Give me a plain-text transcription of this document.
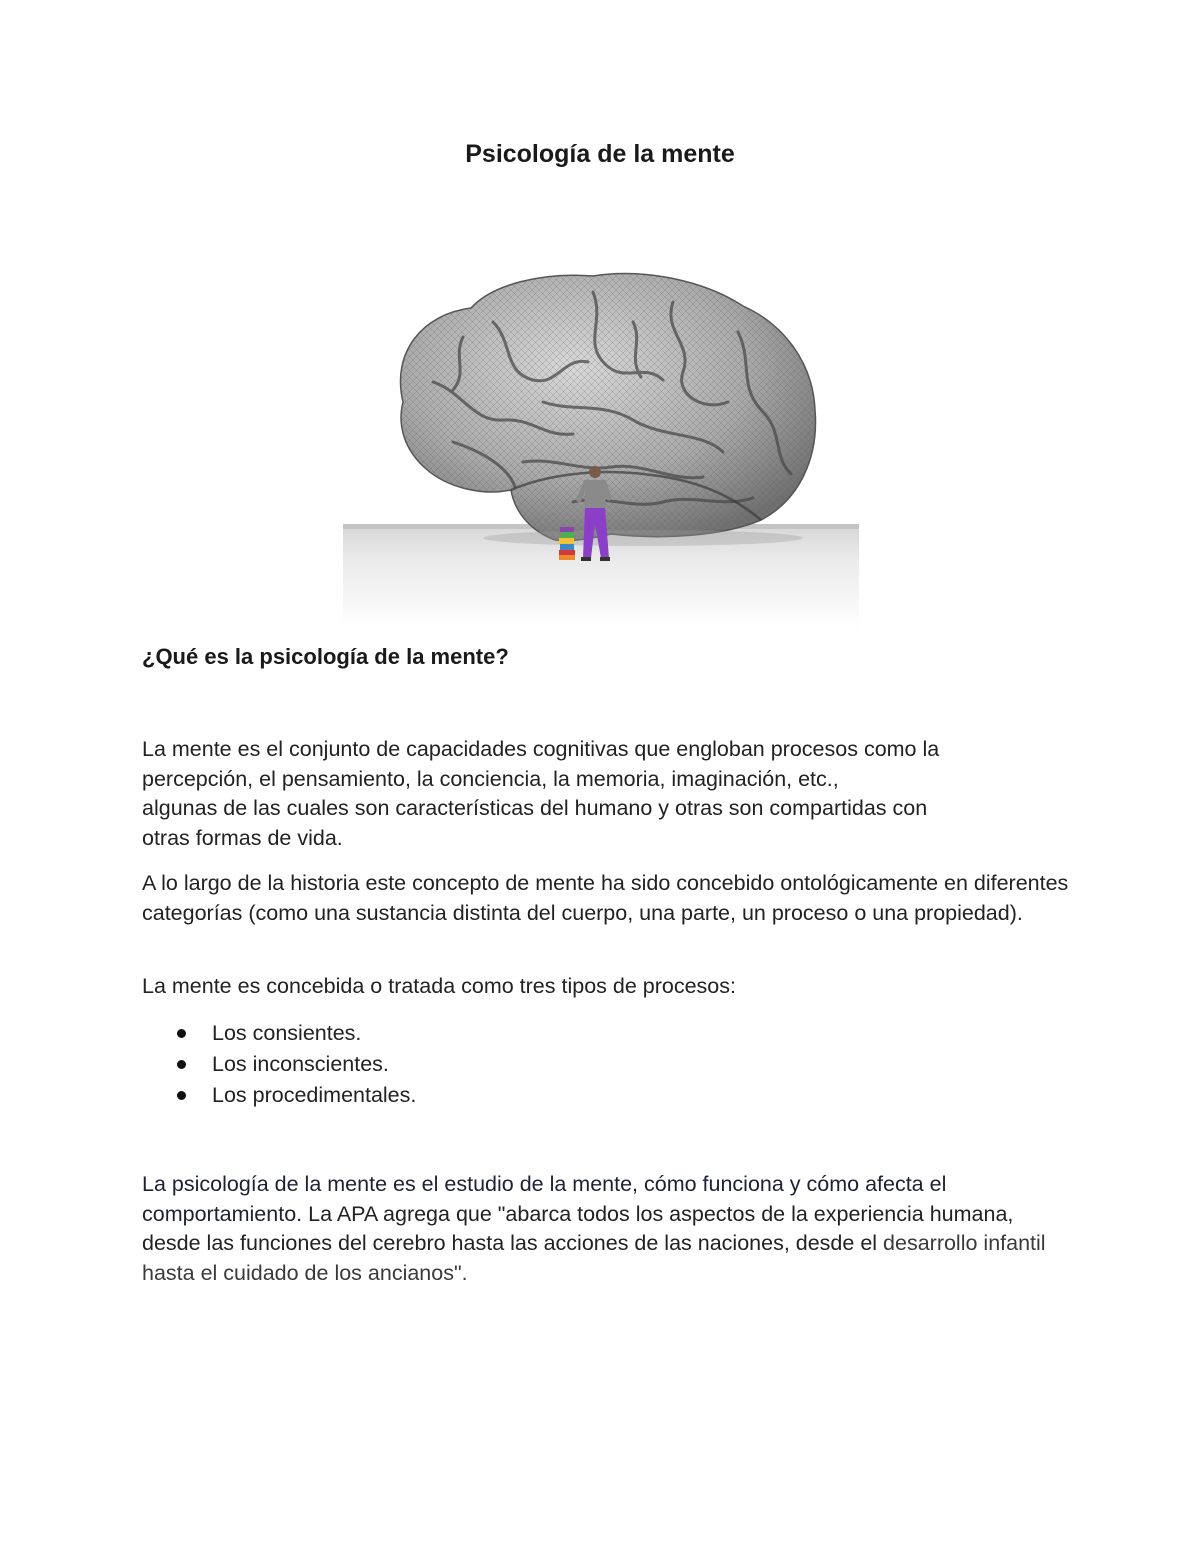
Psicología de la mente
¿Qué es la psicología de la mente?
La mente es el conjunto de capacidades cognitivas que engloban procesos como la
percepción, el pensamiento, la conciencia, la memoria, imaginación, etc.,
algunas de las cuales son características del humano y otras son compartidas con
otras formas de vida.

A lo largo de la historia este concepto de mente ha sido concebido ontológicamente en diferentes categorías (como una sustancia distinta del cuerpo, una parte, un proceso o una propiedad).

La mente es concebida o tratada como tres tipos de procesos:

Los consientes.
Los inconscientes.
Los procedimentales.

La psicología de la mente es el estudio de la mente, cómo funciona y cómo afecta el comportamiento. La APA agrega que "abarca todos los aspectos de la experiencia humana, desde las funciones del cerebro hasta las acciones de las naciones, desde el desarrollo infantil hasta el cuidado de los ancianos".
